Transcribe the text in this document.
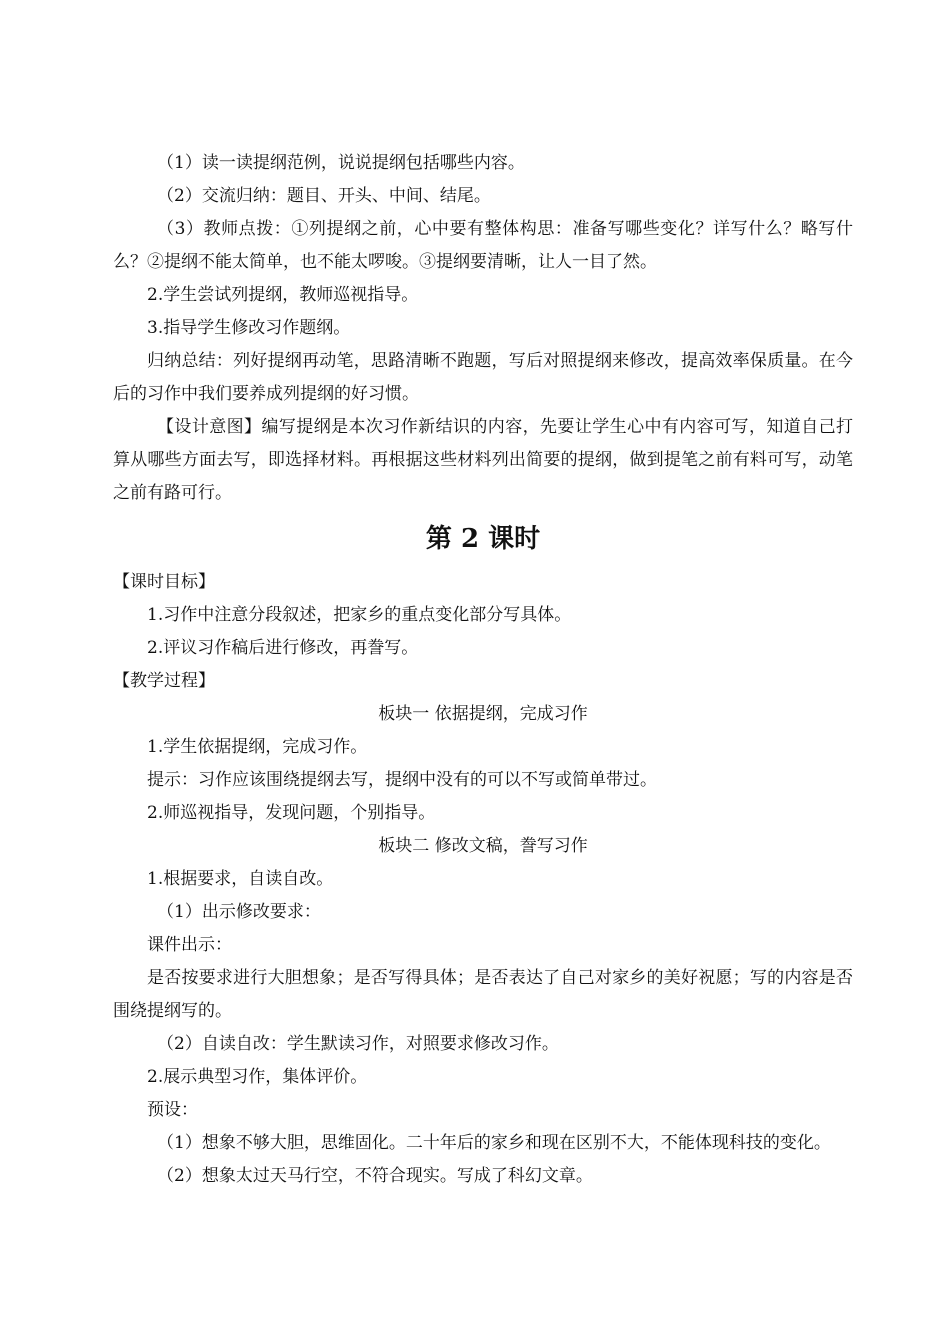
（1）读一读提纲范例，说说提纲包括哪些内容。

（2）交流归纳：题目、开头、中间、结尾。

（3）教师点拨：①列提纲之前，心中要有整体构思：准备写哪些变化？详写什么？略写什么？②提纲不能太简单，也不能太啰唆。③提纲要清晰，让人一目了然。

2.学生尝试列提纲，教师巡视指导。

3.指导学生修改习作题纲。

归纳总结：列好提纲再动笔，思路清晰不跑题，写后对照提纲来修改，提高效率保质量。在今后的习作中我们要养成列提纲的好习惯。

【设计意图】编写提纲是本次习作新结识的内容，先要让学生心中有内容可写，知道自己打算从哪些方面去写，即选择材料。再根据这些材料列出简要的提纲，做到提笔之前有料可写，动笔之前有路可行。

第 2 课时

【课时目标】

1.习作中注意分段叙述，把家乡的重点变化部分写具体。

2.评议习作稿后进行修改，再誊写。

【教学过程】

板块一 依据提纲，完成习作

1.学生依据提纲，完成习作。

提示：习作应该围绕提纲去写，提纲中没有的可以不写或简单带过。

2.师巡视指导，发现问题，个别指导。

板块二 修改文稿，誊写习作

1.根据要求，自读自改。

（1）出示修改要求：

课件出示：

是否按要求进行大胆想象；是否写得具体；是否表达了自己对家乡的美好祝愿；写的内容是否围绕提纲写的。

（2）自读自改：学生默读习作，对照要求修改习作。

2.展示典型习作，集体评价。

预设：

（1）想象不够大胆，思维固化。二十年后的家乡和现在区别不大，不能体现科技的变化。

（2）想象太过天马行空，不符合现实。写成了科幻文章。
